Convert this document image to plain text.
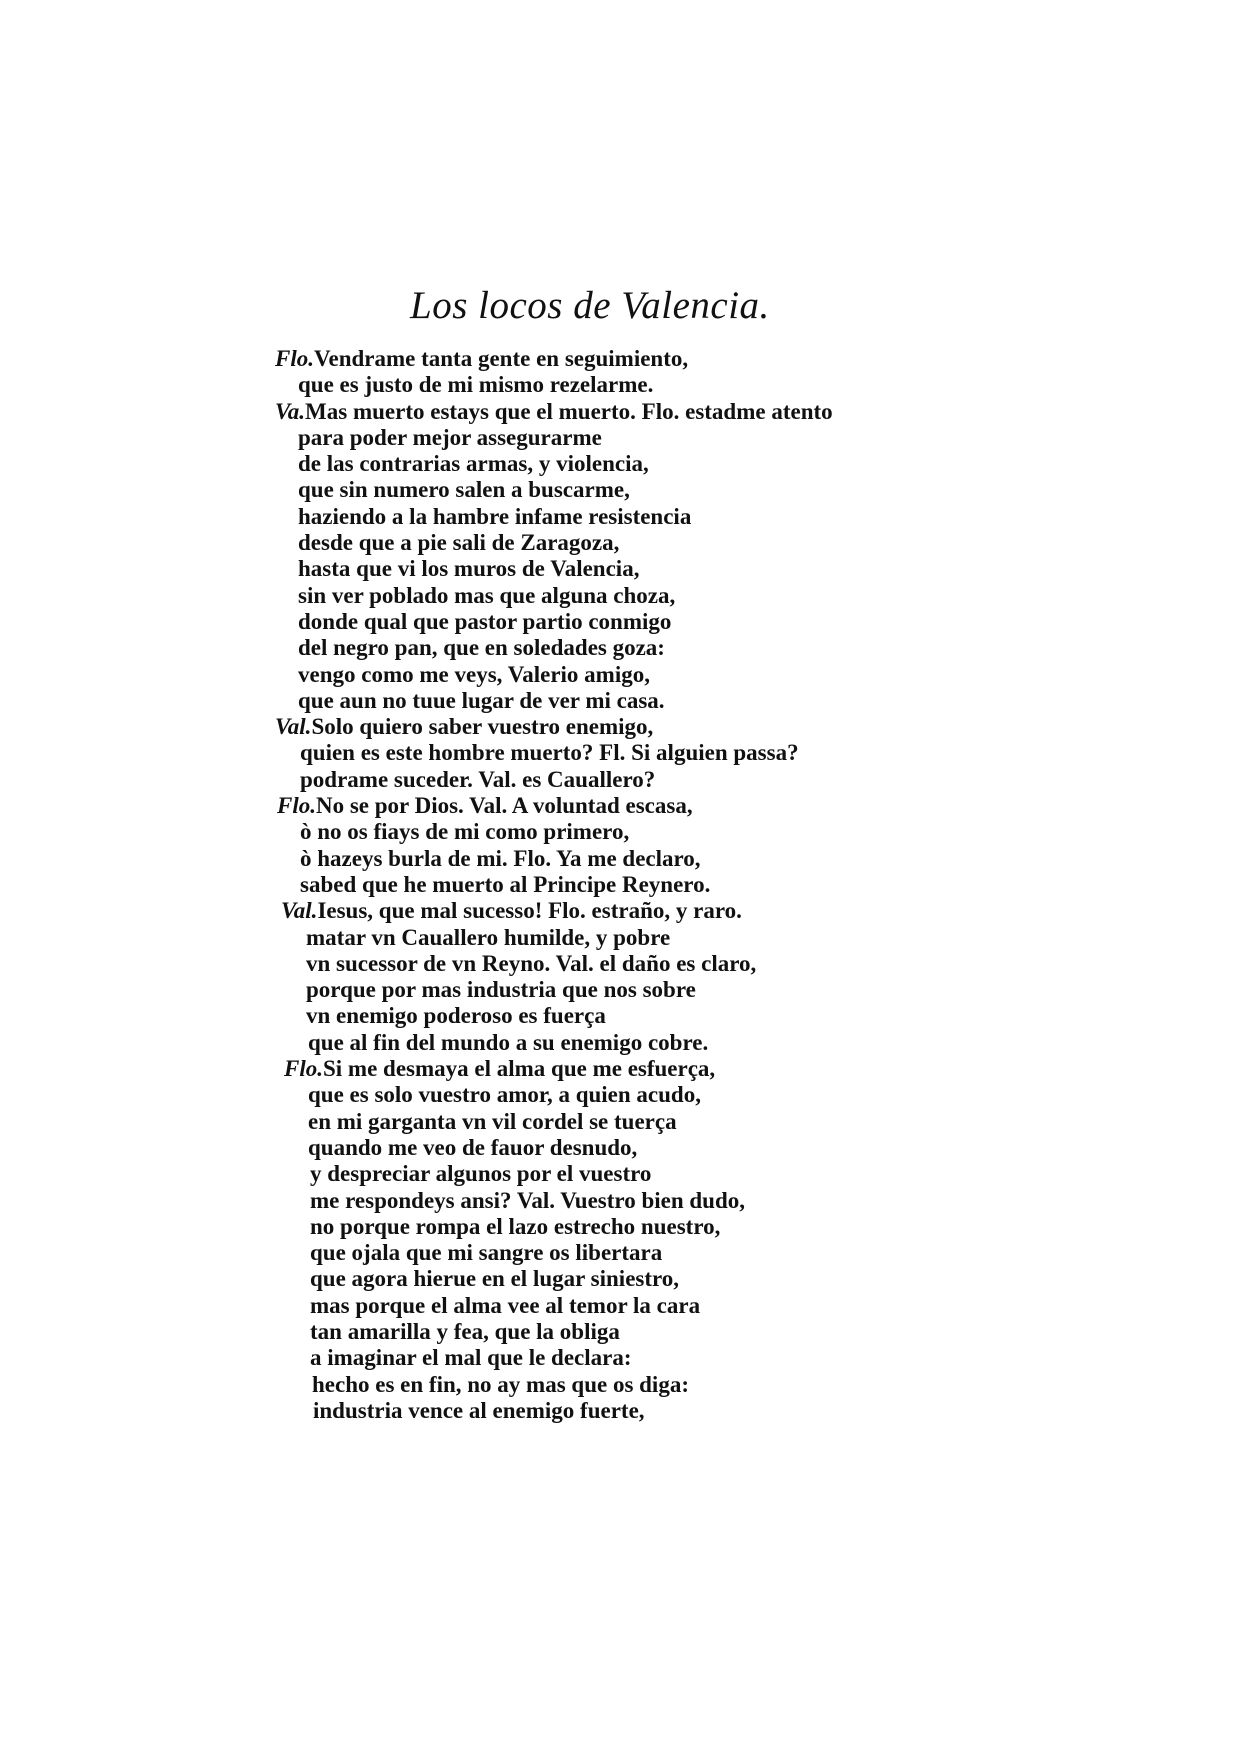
Los locos de Valencia.
Flo.Vendrame tanta gente en seguimiento,
que es justo de mi mismo rezelarme.
Va.Mas muerto estays que el muerto. Flo. estadme atento
para poder mejor assegurarme
de las contrarias armas, y violencia,
que sin numero salen a buscarme,
haziendo a la hambre infame resistencia
desde que a pie sali de Zaragoza,
hasta que vi los muros de Valencia,
sin ver poblado mas que alguna choza,
donde qual que pastor partio conmigo
del negro pan, que en soledades goza:
vengo como me veys, Valerio amigo,
que aun no tuue lugar de ver mi casa.
Val.Solo quiero saber vuestro enemigo,
quien es este hombre muerto? Fl. Si alguien passa?
podrame suceder. Val. es Cauallero?
Flo.No se por Dios. Val. A voluntad escasa,
ò no os fiays de mi como primero,
ò hazeys burla de mi. Flo. Ya me declaro,
sabed que he muerto al Principe Reynero.
Val.Iesus, que mal sucesso! Flo. estraño, y raro.
matar vn Cauallero humilde, y pobre
vn sucessor de vn Reyno. Val. el daño es claro,
porque por mas industria que nos sobre
vn enemigo poderoso es fuerça
que al fin del mundo a su enemigo cobre.
Flo.Si me desmaya el alma que me esfuerça,
que es solo vuestro amor, a quien acudo,
en mi garganta vn vil cordel se tuerça
quando me veo de fauor desnudo,
y despreciar algunos por el vuestro
me respondeys ansi? Val. Vuestro bien dudo,
no porque rompa el lazo estrecho nuestro,
que ojala que mi sangre os libertara
que agora hierue en el lugar siniestro,
mas porque el alma vee al temor la cara
tan amarilla y fea, que la obliga
a imaginar el mal que le declara:
hecho es en fin, no ay mas que os diga:
industria vence al enemigo fuerte,
